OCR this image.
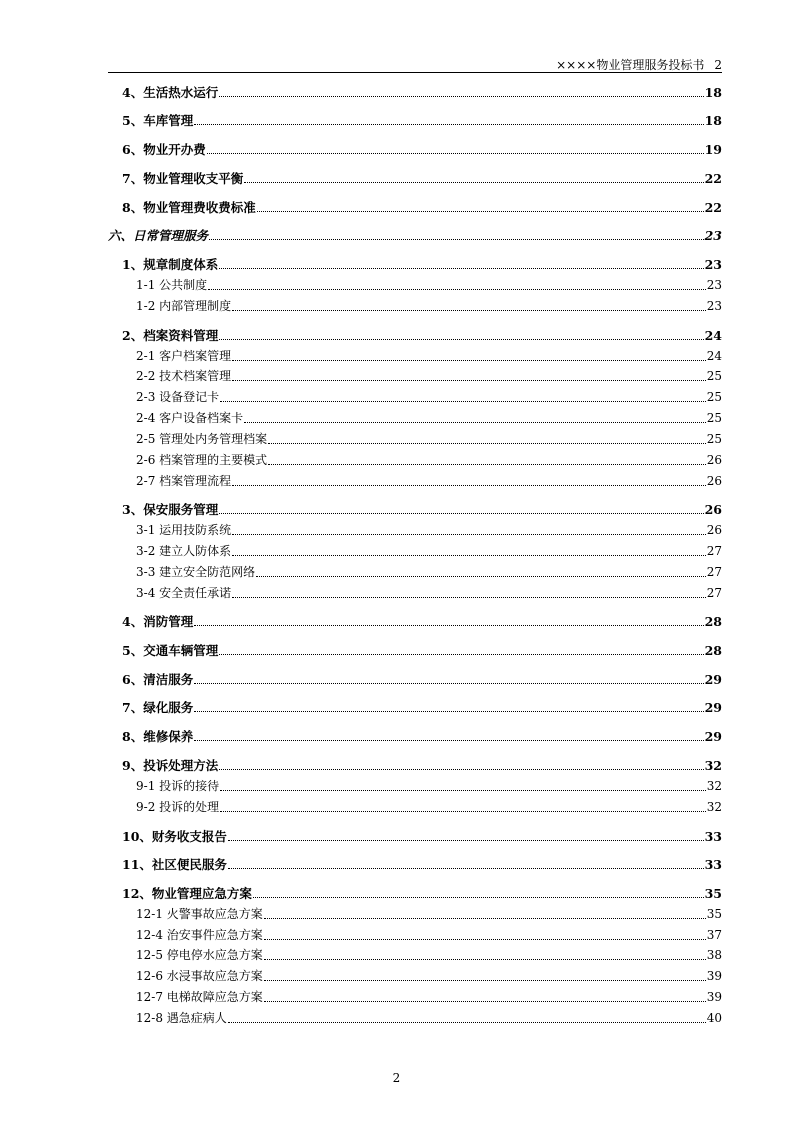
××××物业管理服务投标书 2
4、生活热水运行	18
5、车库管理	18
6、物业开办费	19
7、物业管理收支平衡	22
8、物业管理费收费标准	22
六、日常管理服务	23
1、规章制度体系	23
1-1 公共制度	23
1-2 内部管理制度	23
2、档案资料管理	24
2-1 客户档案管理	24
2-2 技术档案管理	25
2-3 设备登记卡	25
2-4 客户设备档案卡	25
2-5 管理处内务管理档案	25
2-6 档案管理的主要模式	26
2-7 档案管理流程	26
3、保安服务管理	26
3-1 运用技防系统	26
3-2 建立人防体系	27
3-3 建立安全防范网络	27
3-4 安全责任承诺	27
4、消防管理	28
5、交通车辆管理	28
6、清洁服务	29
7、绿化服务	29
8、维修保养	29
9、投诉处理方法	32
9-1 投诉的接待	32
9-2 投诉的处理	32
10、财务收支报告	33
11、社区便民服务	33
12、物业管理应急方案	35
12-1 火警事故应急方案	35
12-4 治安事件应急方案	37
12-5 停电停水应急方案	38
12-6 水浸事故应急方案	39
12-7 电梯故障应急方案	39
12-8 遇急症病人	40
2
